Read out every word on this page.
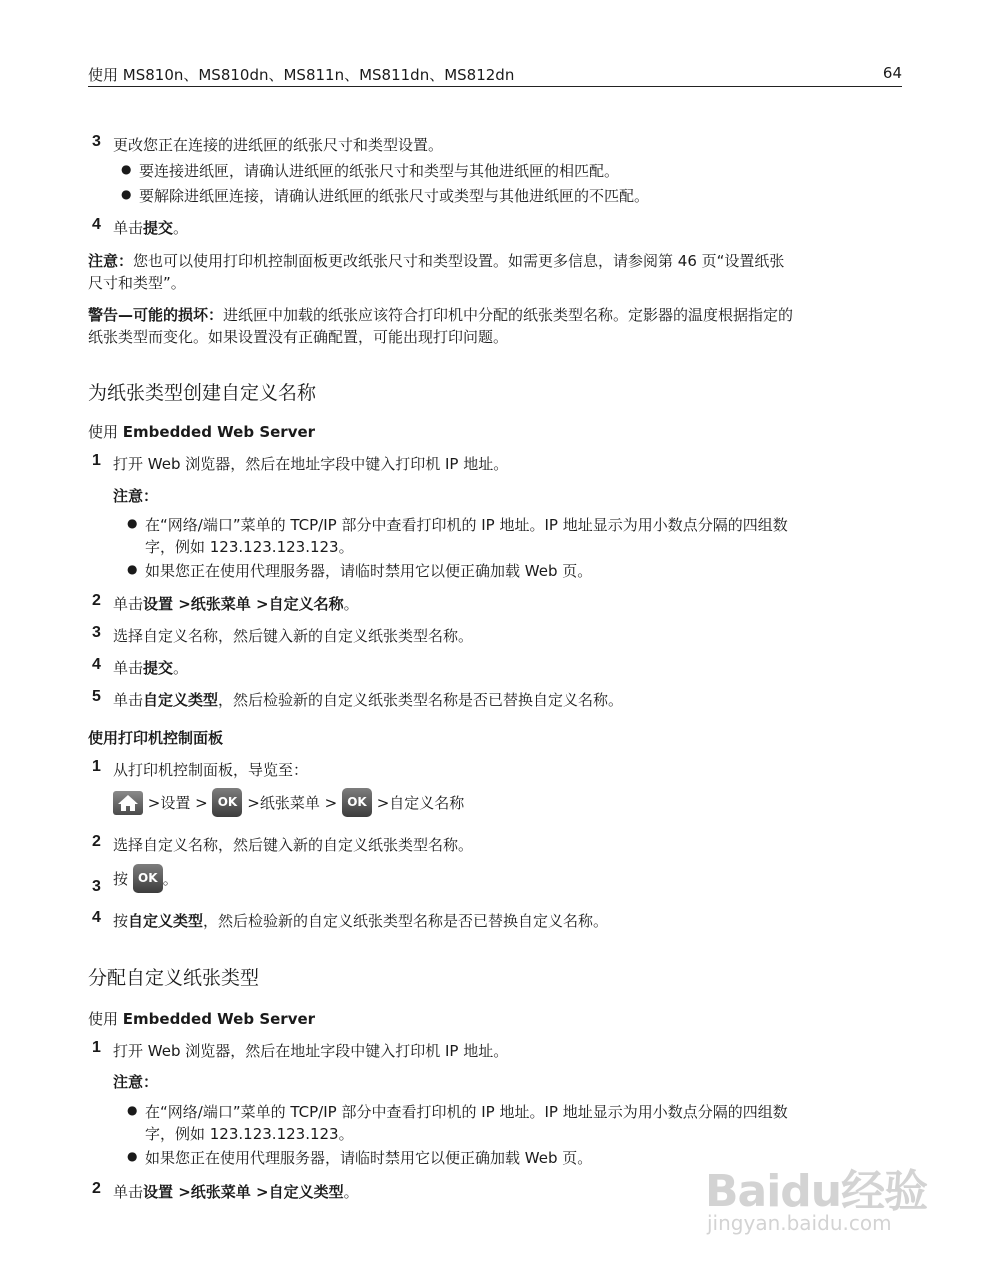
使用 MS810n、MS810dn、MS811n、MS811dn、MS812dn	64
3 更改您正在连接的进纸匣的纸张尺寸和类型设置。
● 要连接进纸匣，请确认进纸匣的纸张尺寸和类型与其他进纸匣的相匹配。
● 要解除进纸匣连接，请确认进纸匣的纸张尺寸或类型与其他进纸匣的不匹配。
4 单击提交。
注意：您也可以使用打印机控制面板更改纸张尺寸和类型设置。如需更多信息，请参阅第 46 页“设置纸张
尺寸和类型”。
警告—可能的损坏：进纸匣中加载的纸张应该符合打印机中分配的纸张类型名称。定影器的温度根据指定的
纸张类型而变化。如果设置没有正确配置，可能出现打印问题。
为纸张类型创建自定义名称
使用 Embedded Web Server
1 打开 Web 浏览器，然后在地址字段中键入打印机 IP 地址。
注意：
● 在“网络/端口”菜单的 TCP/IP 部分中查看打印机的 IP 地址。IP 地址显示为用小数点分隔的四组数
字，例如 123.123.123.123。
● 如果您正在使用代理服务器，请临时禁用它以便正确加载 Web 页。
2 单击设置 >纸张菜单 >自定义名称。
3 选择自定义名称，然后键入新的自定义纸张类型名称。
4 单击提交。
5 单击自定义类型，然后检验新的自定义纸张类型名称是否已替换自定义名称。
使用打印机控制面板
1 从打印机控制面板，导览至：
>设置 > OK >纸张菜单 > OK >自定义名称
2 选择自定义名称，然后键入新的自定义纸张类型名称。
3 按 OK 。
4 按自定义类型，然后检验新的自定义纸张类型名称是否已替换自定义名称。
分配自定义纸张类型
使用 Embedded Web Server
1 打开 Web 浏览器，然后在地址字段中键入打印机 IP 地址。
注意：
● 在“网络/端口”菜单的 TCP/IP 部分中查看打印机的 IP 地址。IP 地址显示为用小数点分隔的四组数
字，例如 123.123.123.123。
● 如果您正在使用代理服务器，请临时禁用它以便正确加载 Web 页。
2 单击设置 >纸张菜单 >自定义类型。	Baidu经验
jingyan.baidu.com
